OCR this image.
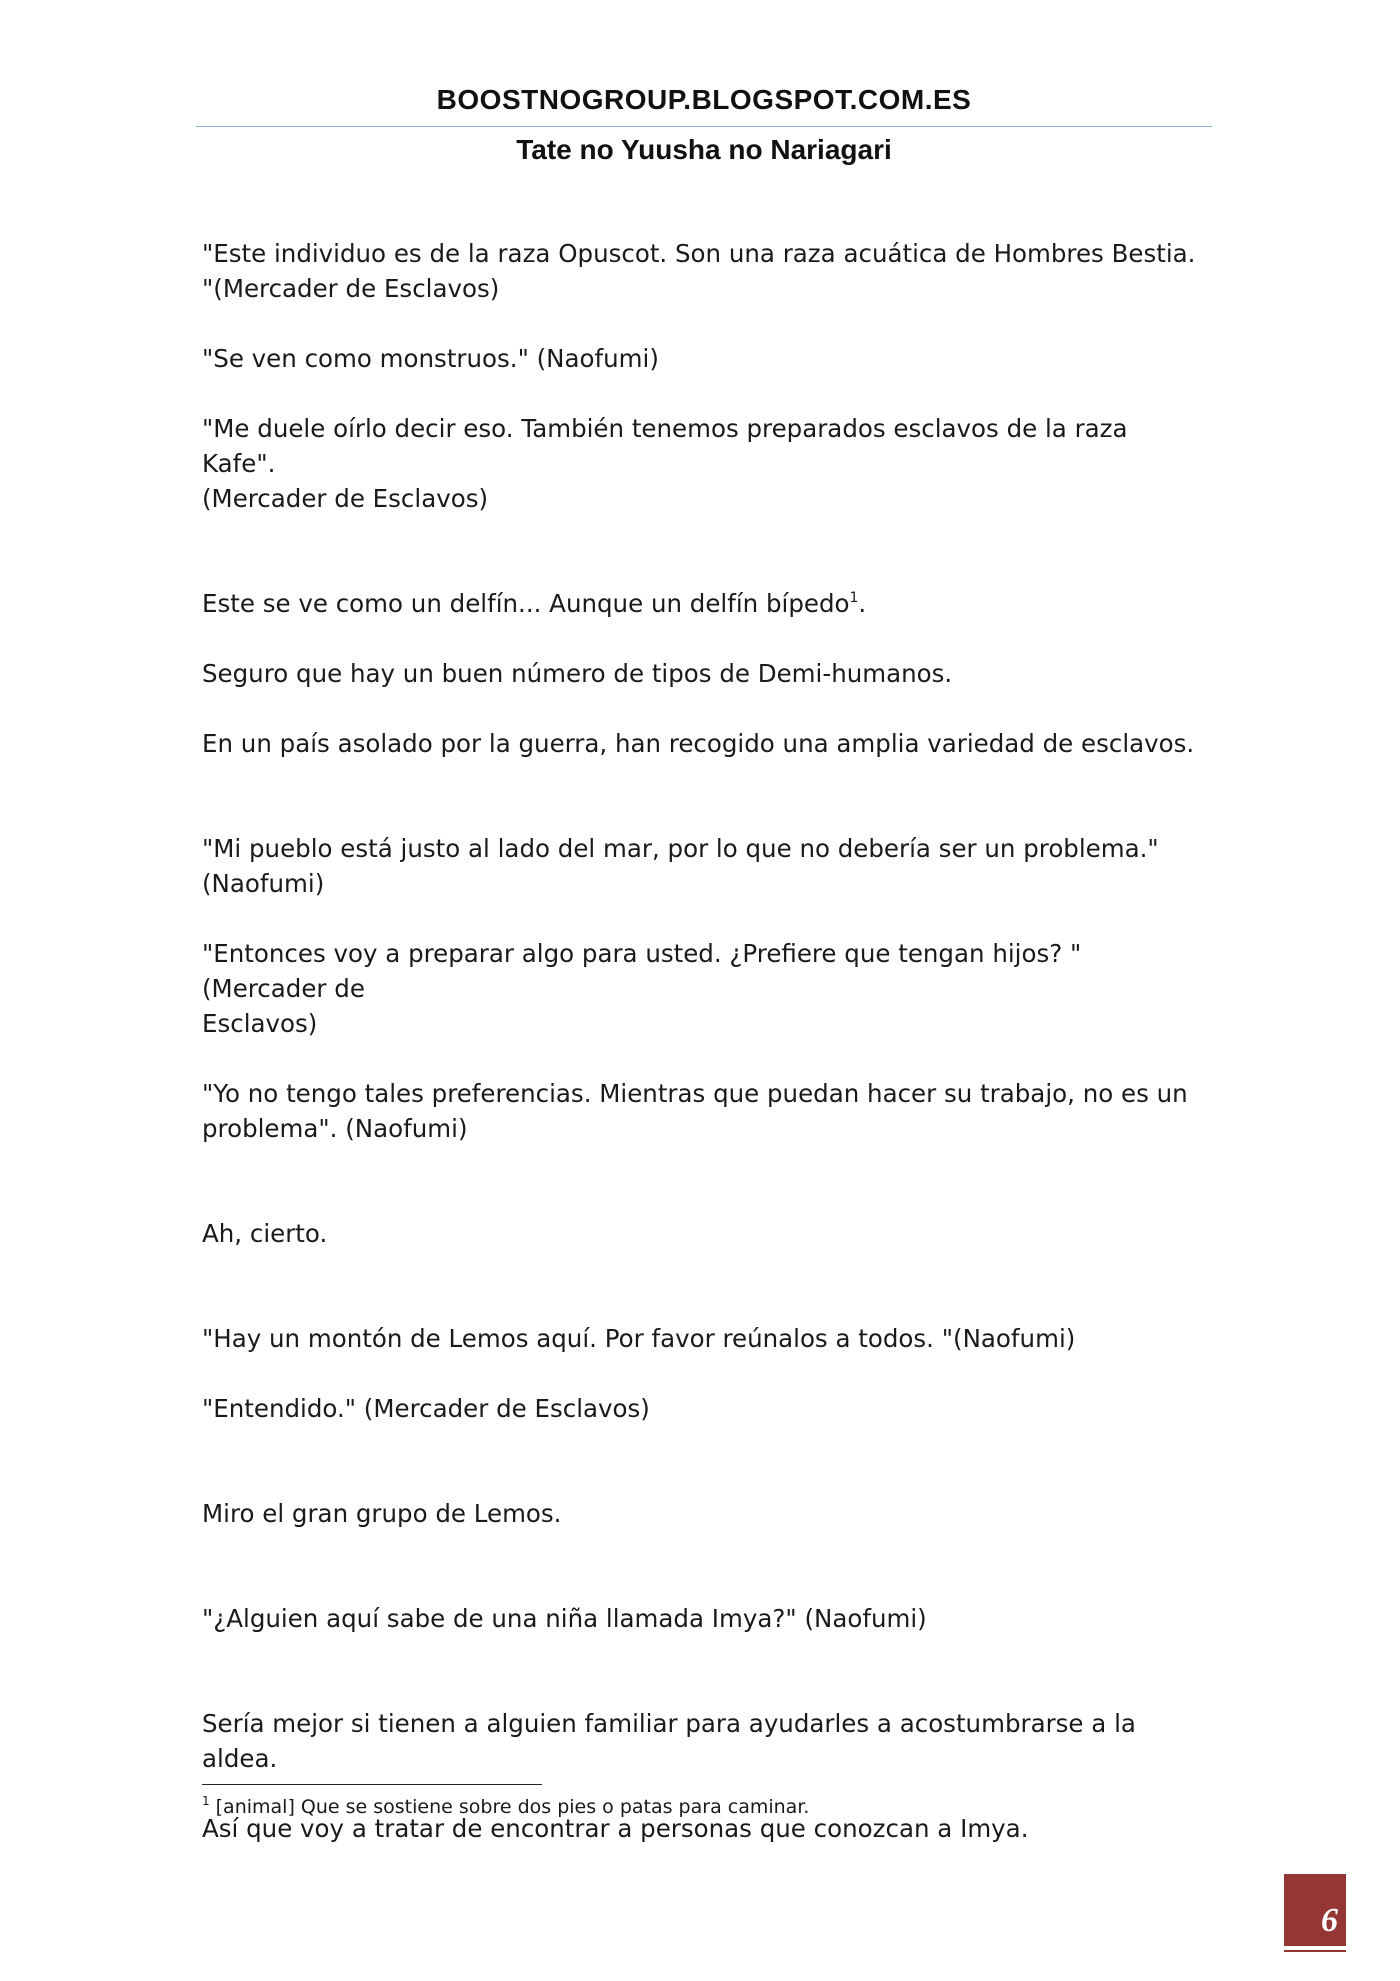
BOOSTNOGROUP.BLOGSPOT.COM.ES
Tate no Yuusha no Nariagari

"Este individuo es de la raza Opuscot. Son una raza acuática de Hombres Bestia.
"(Mercader de Esclavos)

"Se ven como monstruos." (Naofumi)

"Me duele oírlo decir eso. También tenemos preparados esclavos de la raza Kafe".
(Mercader de Esclavos)

Este se ve como un delfín... Aunque un delfín bípedo$^1$.

Seguro que hay un buen número de tipos de Demi-humanos.

En un país asolado por la guerra, han recogido una amplia variedad de esclavos.

"Mi pueblo está justo al lado del mar, por lo que no debería ser un problema."
(Naofumi)

"Entonces voy a preparar algo para usted. ¿Prefiere que tengan hijos? "(Mercader de
Esclavos)

"Yo no tengo tales preferencias. Mientras que puedan hacer su trabajo, no es un
problema". (Naofumi)

Ah, cierto.

"Hay un montón de Lemos aquí. Por favor reúnalos a todos. "(Naofumi)

"Entendido." (Mercader de Esclavos)

Miro el gran grupo de Lemos.

"¿Alguien aquí sabe de una niña llamada Imya?" (Naofumi)

Sería mejor si tienen a alguien familiar para ayudarles a acostumbrarse a la aldea.

Así que voy a tratar de encontrar a personas que conozcan a Imya.

$^1$ [animal] Que se sostiene sobre dos pies o patas para caminar.
6
